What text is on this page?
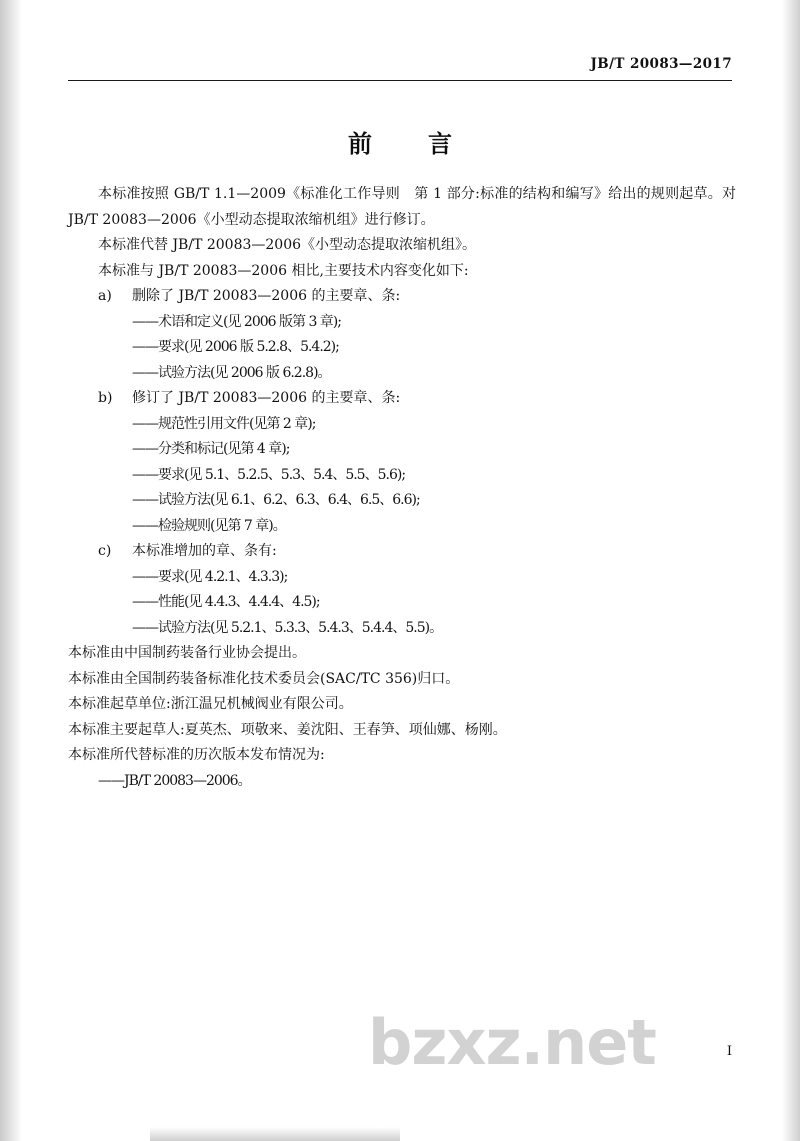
bzxz.net
JB/T 20083—2017
前　言

本标准按照 GB/T 1.1—2009《标准化工作导则　第 1 部分:标准的结构和编写》给出的规则起草。对 JB/T 20083—2006《小型动态提取浓缩机组》进行修订。

本标准代替 JB/T 20083—2006《小型动态提取浓缩机组》。

本标准与 JB/T 20083—2006 相比,主要技术内容变化如下:

a)	删除了 JB/T 20083—2006 的主要章、条:

——术语和定义(见 2006 版第 3 章);

——要求(见 2006 版 5.2.8、5.4.2);

——试验方法(见 2006 版 6.2.8)。

b)	修订了 JB/T 20083—2006 的主要章、条:

——规范性引用文件(见第 2 章);

——分类和标记(见第 4 章);

——要求(见 5.1、5.2.5、5.3、5.4、5.5、5.6);

——试验方法(见 6.1、6.2、6.3、6.4、6.5、6.6);

——检验规则(见第 7 章)。

c)	本标准增加的章、条有:

——要求(见 4.2.1、4.3.3);

——性能(见 4.4.3、4.4.4、4.5);

——试验方法(见 5.2.1、5.3.3、5.4.3、5.4.4、5.5)。

本标准由中国制药装备行业协会提出。

本标准由全国制药装备标准化技术委员会(SAC/TC 356)归口。

本标准起草单位:浙江温兄机械阀业有限公司。

本标准主要起草人:夏英杰、项敬来、姜沈阳、王春笋、项仙娜、杨刚。

本标准所代替标准的历次版本发布情况为:

——JB/T 20083—2006。

I
